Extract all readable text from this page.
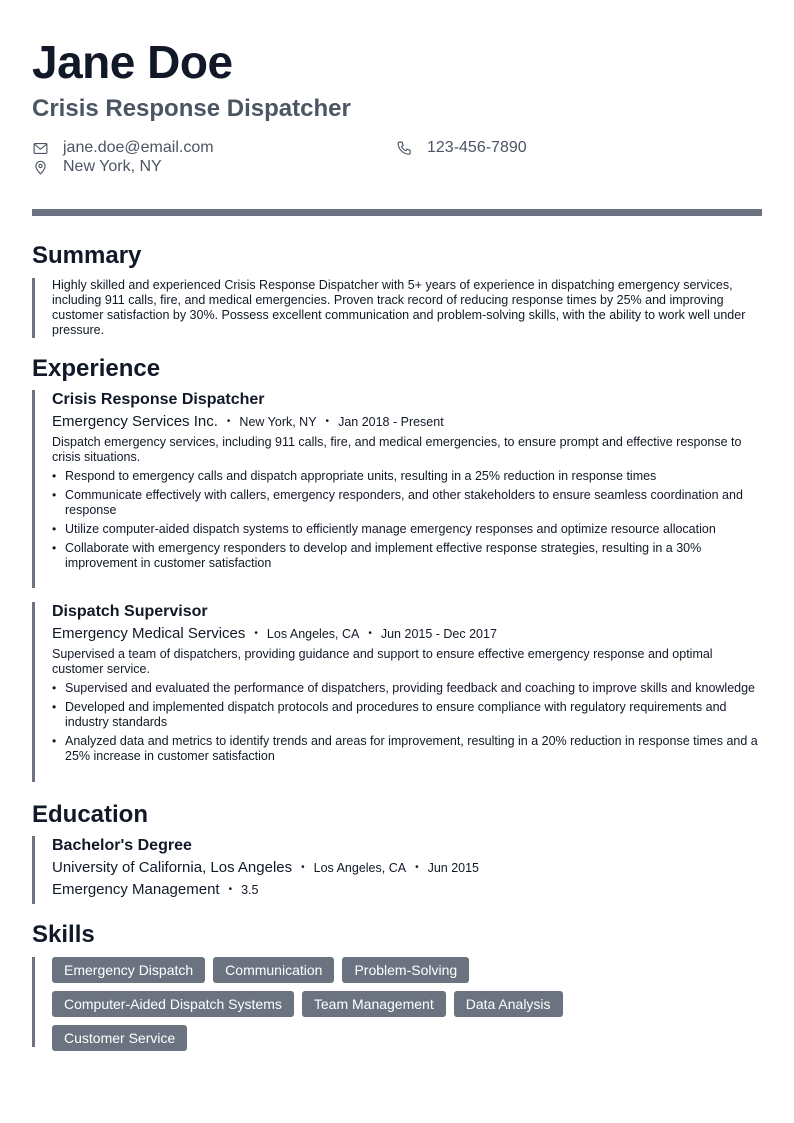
Jane Doe
Crisis Response Dispatcher
jane.doe@email.com	123-456-7890
New York, NY
Summary

Highly skilled and experienced Crisis Response Dispatcher with 5+ years of experience in dispatching emergency services, including 911 calls, fire, and medical emergencies. Proven track record of reducing response times by 25% and improving customer satisfaction by 30%. Possess excellent communication and problem-solving skills, with the ability to work well under pressure.

Experience
Crisis Response Dispatcher
Emergency Services Inc. • New York, NY • Jan 2018 - Present

Dispatch emergency services, including 911 calls, fire, and medical emergencies, to ensure prompt and effective response to crisis situations.

• Respond to emergency calls and dispatch appropriate units, resulting in a 25% reduction in response times
• Communicate effectively with callers, emergency responders, and other stakeholders to ensure seamless coordination and response
• Utilize computer-aided dispatch systems to efficiently manage emergency responses and optimize resource allocation
• Collaborate with emergency responders to develop and implement effective response strategies, resulting in a 30% improvement in customer satisfaction
Dispatch Supervisor
Emergency Medical Services • Los Angeles, CA • Jun 2015 - Dec 2017

Supervised a team of dispatchers, providing guidance and support to ensure effective emergency response and optimal customer service.

• Supervised and evaluated the performance of dispatchers, providing feedback and coaching to improve skills and knowledge
• Developed and implemented dispatch protocols and procedures to ensure compliance with regulatory requirements and industry standards
• Analyzed data and metrics to identify trends and areas for improvement, resulting in a 20% reduction in response times and a 25% increase in customer satisfaction
Education
Bachelor's Degree
University of California, Los Angeles • Los Angeles, CA • Jun 2015
Emergency Management • 3.5
Skills
Emergency Dispatch	Communication	Problem-Solving
Computer-Aided Dispatch Systems	Team Management	Data Analysis
Customer Service
